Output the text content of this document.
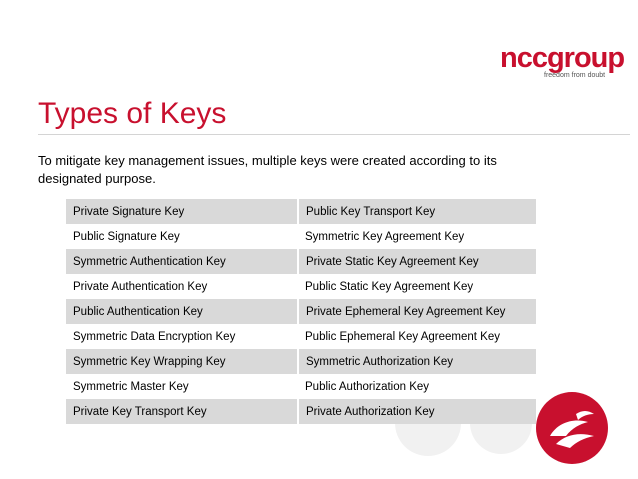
nccgroup
freedom from doubt
Types of Keys
To mitigate key management issues, multiple keys were created according to its designated purpose.
Private Signature Key	Public Key Transport Key
Public Signature Key	Symmetric Key Agreement Key
Symmetric Authentication Key	Private Static Key Agreement Key
Private Authentication Key	Public Static Key Agreement Key
Public Authentication Key	Private Ephemeral Key Agreement Key
Symmetric Data Encryption Key	Public Ephemeral Key Agreement Key
Symmetric Key Wrapping Key	Symmetric Authorization Key
Symmetric Master Key	Public Authorization Key
Private Key Transport Key	Private Authorization Key
